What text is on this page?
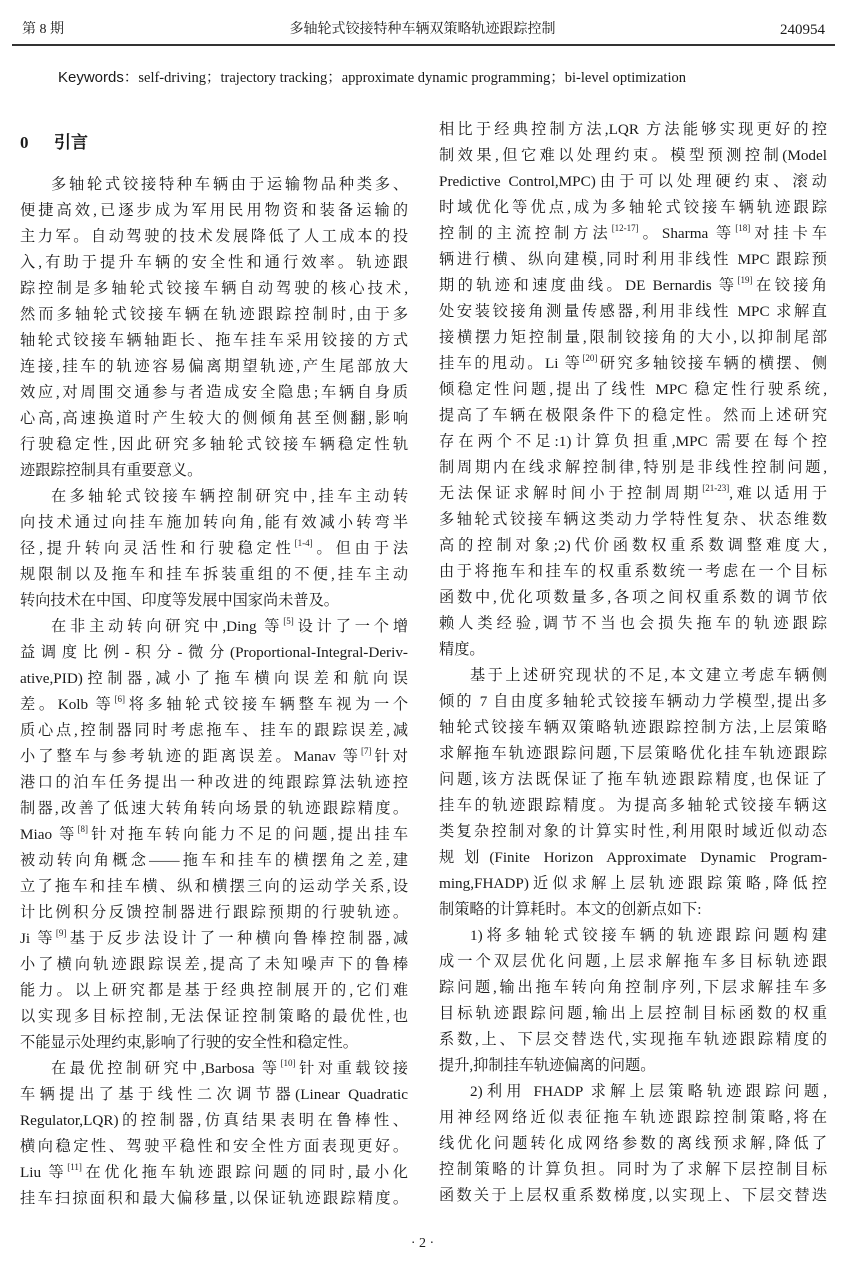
第 8 期	多轴轮式铰接特种车辆双策略轨迹跟踪控制	240954
Keywords：self-driving；trajectory tracking；approximate dynamic programming；bi-level optimization
0 引言
多轴轮式铰接特种车辆由于运输物品种类多、
便捷高效,已逐步成为军用民用物资和装备运输的
主力军。自动驾驶的技术发展降低了人工成本的投
入,有助于提升车辆的安全性和通行效率。轨迹跟
踪控制是多轴轮式铰接车辆自动驾驶的核心技术,
然而多轴轮式铰接车辆在轨迹跟踪控制时,由于多
轴轮式铰接车辆轴距长、拖车挂车采用铰接的方式
连接,挂车的轨迹容易偏离期望轨迹,产生尾部放大
效应,对周围交通参与者造成安全隐患;车辆自身质
心高,高速换道时产生较大的侧倾角甚至侧翻,影响
行驶稳定性,因此研究多轴轮式铰接车辆稳定性轨
迹跟踪控制具有重要意义。
在多轴轮式铰接车辆控制研究中,挂车主动转
向技术通过向挂车施加转向角,能有效减小转弯半
径,提升转向灵活性和行驶稳定性[1-4]。但由于法
规限制以及拖车和挂车拆装重组的不便,挂车主动
转向技术在中国、印度等发展中国家尚未普及。
在非主动转向研究中,Ding 等[5]设计了一个增
益调度比例-积分-微分(Proportional-Integral-Deriv-
ative,PID)控制器,减小了拖车横向误差和航向误
差。Kolb 等[6]将多轴轮式铰接车辆整车视为一个
质心点,控制器同时考虑拖车、挂车的跟踪误差,减
小了整车与参考轨迹的距离误差。Manav 等[7]针对
港口的泊车任务提出一种改进的纯跟踪算法轨迹控
制器,改善了低速大转角转向场景的轨迹跟踪精度。
Miao 等[8]针对拖车转向能力不足的问题,提出挂车
被动转向角概念——拖车和挂车的横摆角之差,建
立了拖车和挂车横、纵和横摆三向的运动学关系,设
计比例积分反馈控制器进行跟踪预期的行驶轨迹。
Ji 等[9]基于反步法设计了一种横向鲁棒控制器,减
小了横向轨迹跟踪误差,提高了未知噪声下的鲁棒
能力。以上研究都是基于经典控制展开的,它们难
以实现多目标控制,无法保证控制策略的最优性,也
不能显示处理约束,影响了行驶的安全性和稳定性。
在最优控制研究中,Barbosa 等[10]针对重载铰接
车辆提出了基于线性二次调节器(Linear Quadratic
Regulator,LQR)的控制器,仿真结果表明在鲁棒性、
横向稳定性、驾驶平稳性和安全性方面表现更好。
Liu 等[11]在优化拖车轨迹跟踪问题的同时,最小化
挂车扫掠面积和最大偏移量,以保证轨迹跟踪精度。
相比于经典控制方法,LQR 方法能够实现更好的控
制效果,但它难以处理约束。模型预测控制(Model
Predictive Control,MPC)由于可以处理硬约束、滚动
时域优化等优点,成为多轴轮式铰接车辆轨迹跟踪
控制的主流控制方法[12-17]。Sharma 等[18]对挂卡车
辆进行横、纵向建模,同时利用非线性 MPC 跟踪预
期的轨迹和速度曲线。DE Bernardis 等[19]在铰接角
处安装铰接角测量传感器,利用非线性 MPC 求解直
接横摆力矩控制量,限制铰接角的大小,以抑制尾部
挂车的甩动。Li 等[20]研究多轴铰接车辆的横摆、侧
倾稳定性问题,提出了线性 MPC 稳定性行驶系统,
提高了车辆在极限条件下的稳定性。然而上述研究
存在两个不足:1)计算负担重,MPC 需要在每个控
制周期内在线求解控制律,特别是非线性控制问题,
无法保证求解时间小于控制周期[21-23],难以适用于
多轴轮式铰接车辆这类动力学特性复杂、状态维数
高的控制对象;2)代价函数权重系数调整难度大,
由于将拖车和挂车的权重系数统一考虑在一个目标
函数中,优化项数量多,各项之间权重系数的调节依
赖人类经验,调节不当也会损失拖车的轨迹跟踪
精度。
基于上述研究现状的不足,本文建立考虑车辆侧
倾的 7 自由度多轴轮式铰接车辆动力学模型,提出多
轴轮式铰接车辆双策略轨迹跟踪控制方法,上层策略
求解拖车轨迹跟踪问题,下层策略优化挂车轨迹跟踪
问题,该方法既保证了拖车轨迹跟踪精度,也保证了
挂车的轨迹跟踪精度。为提高多轴轮式铰接车辆这
类复杂控制对象的计算实时性,利用限时域近似动态
规划(Finite Horizon Approximate Dynamic Program-
ming,FHADP)近似求解上层轨迹跟踪策略,降低控
制策略的计算耗时。本文的创新点如下:
1)将多轴轮式铰接车辆的轨迹跟踪问题构建
成一个双层优化问题,上层求解拖车多目标轨迹跟
踪问题,输出拖车转向角控制序列,下层求解挂车多
目标轨迹跟踪问题,输出上层控制目标函数的权重
系数,上、下层交替迭代,实现拖车轨迹跟踪精度的
提升,抑制挂车轨迹偏离的问题。
2)利用 FHADP 求解上层策略轨迹跟踪问题,
用神经网络近似表征拖车轨迹跟踪控制策略,将在
线优化问题转化成网络参数的离线预求解,降低了
控制策略的计算负担。同时为了求解下层控制目标
函数关于上层权重系数梯度,以实现上、下层交替迭
· 2 ·
